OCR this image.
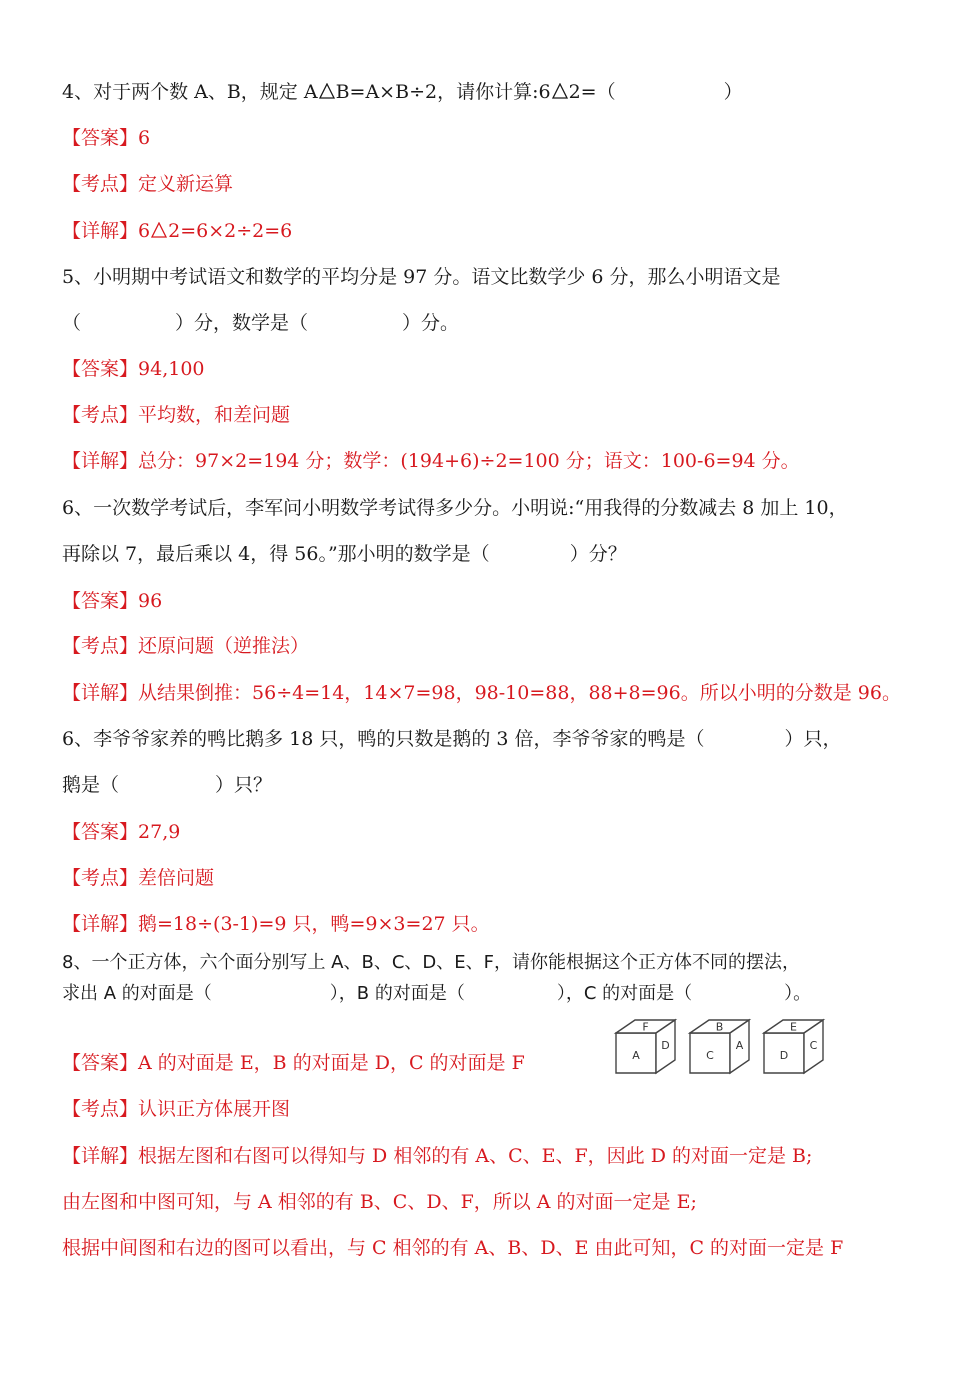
4、对于两个数 A、B，规定 A B=A×B÷2，请你计算:6 2=（	）
【答案】6
【考点】定义新运算
【详解】6 2=6×2÷2=6
5、小明期中考试语文和数学的平均分是 97 分。语文比数学少 6 分，那么小明语文是
（	）分，数学是（	）分。
【答案】94,100
【考点】平均数，和差问题
【详解】总分：97×2=194 分；数学：(194+6)÷2=100 分；语文：100-6=94 分。
6、一次数学考试后，李军问小明数学考试得多少分。小明说:“用我得的分数减去 8 加上 10，
再除以 7，最后乘以 4，得 56。”那小明的数学是（	）分？
【答案】96
【考点】还原问题（逆推法）
【详解】从结果倒推：56÷4=14，14×7=98，98-10=88，88+8=96。所以小明的分数是 96。
6、李爷爷家养的鸭比鹅多 18 只，鸭的只数是鹅的 3 倍，李爷爷家的鸭是（	）只，
鹅是（	）只？
【答案】27,9
【考点】差倍问题
【详解】鹅=18÷(3-1)=9 只，鸭=9×3=27 只。
8、一个正方体，六个面分别写上 A、B、C、D、E、F，请你能根据这个正方体不同的摆法，
求出 A 的对面是（	），B 的对面是（	），C 的对面是（	）。
F
A
D
B
C
A
E
D
C
【答案】A 的对面是 E，B 的对面是 D，C 的对面是 F
【考点】认识正方体展开图
【详解】根据左图和右图可以得知与 D 相邻的有 A、C、E、F，因此 D 的对面一定是 B;
由左图和中图可知，与 A 相邻的有 B、C、D、F，所以 A 的对面一定是 E;
根据中间图和右边的图可以看出，与 C 相邻的有 A、B、D、E 由此可知，C 的对面一定是 F
